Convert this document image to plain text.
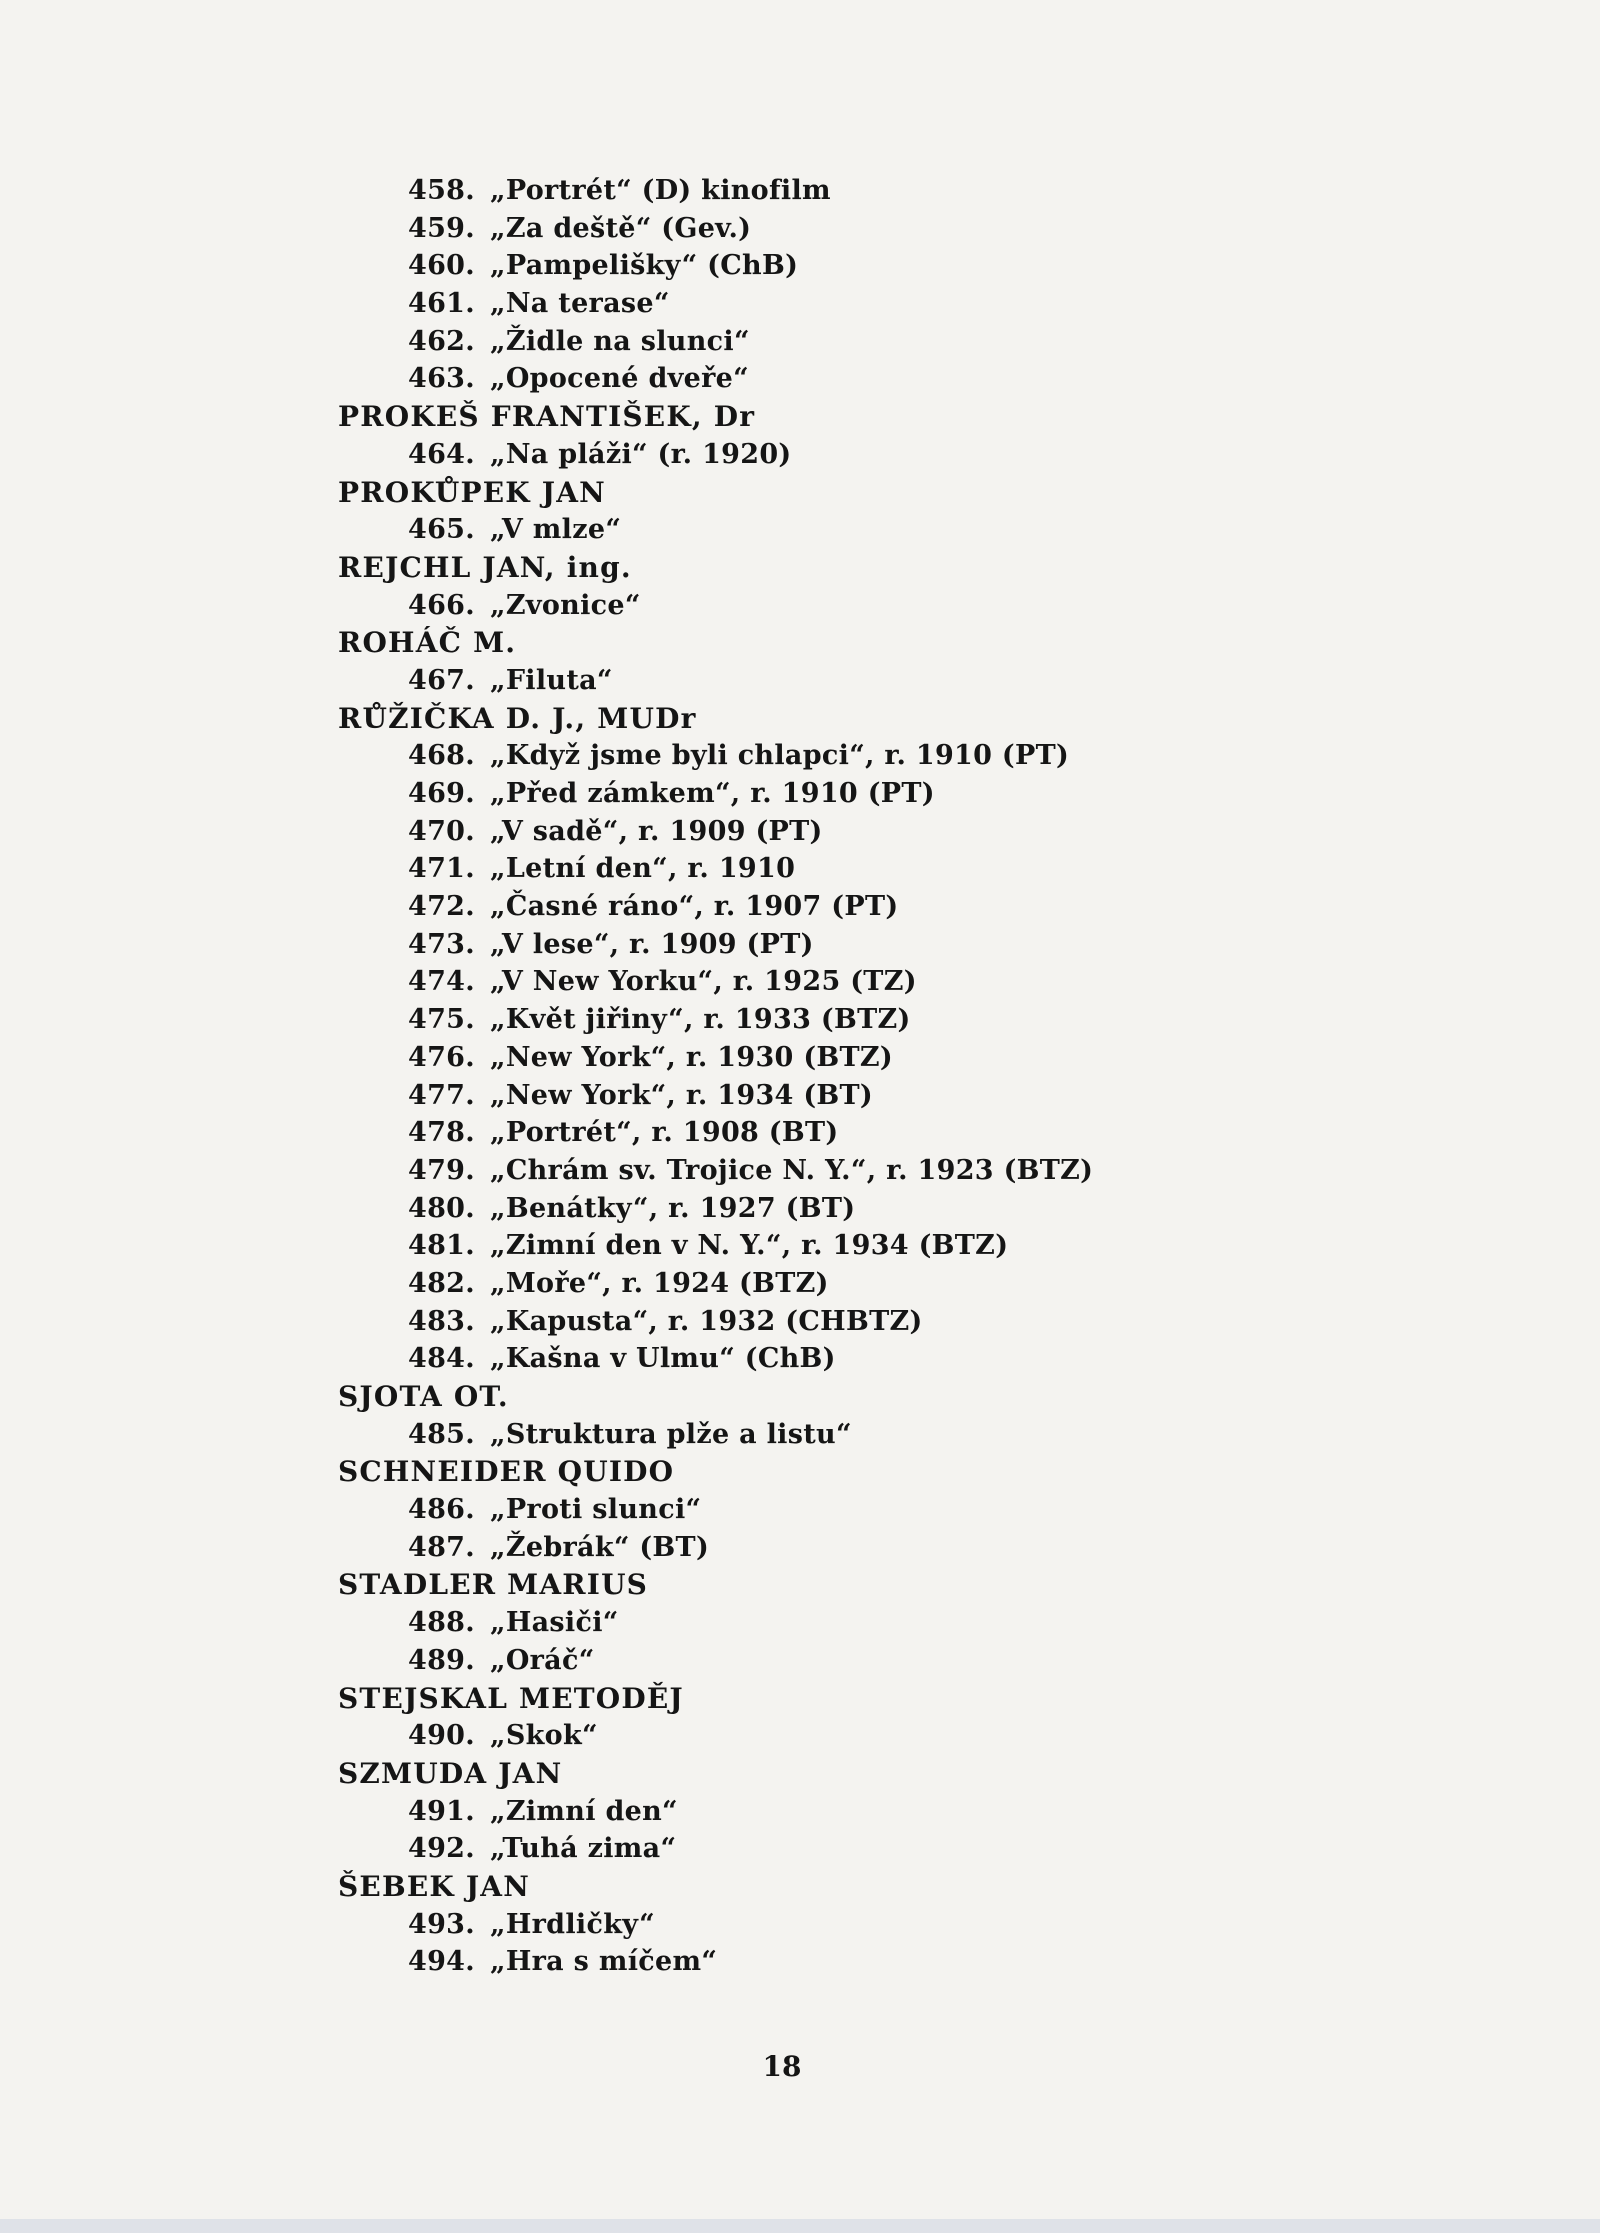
458. „Portrét“ (D) kinofilm
459. „Za deště“ (Gev.)
460. „Pampelišky“ (ChB)
461. „Na terase“
462. „Židle na slunci“
463. „Opocené dveře“
PROKEŠ FRANTIŠEK, Dr
464. „Na pláži“ (r. 1920)
PROKŮPEK JAN
465. „V mlze“
REJCHL JAN, ing.
466. „Zvonice“
ROHÁČ M.
467. „Filuta“
RŮŽIČKA D. J., MUDr
468. „Když jsme byli chlapci“, r. 1910 (PT)
469. „Před zámkem“, r. 1910 (PT)
470. „V sadě“, r. 1909 (PT)
471. „Letní den“, r. 1910
472. „Časné ráno“, r. 1907 (PT)
473. „V lese“, r. 1909 (PT)
474. „V New Yorku“, r. 1925 (TZ)
475. „Květ jiřiny“, r. 1933 (BTZ)
476. „New York“, r. 1930 (BTZ)
477. „New York“, r. 1934 (BT)
478. „Portrét“, r. 1908 (BT)
479. „Chrám sv. Trojice N. Y.“, r. 1923 (BTZ)
480. „Benátky“, r. 1927 (BT)
481. „Zimní den v N. Y.“, r. 1934 (BTZ)
482. „Moře“, r. 1924 (BTZ)
483. „Kapusta“, r. 1932 (CHBTZ)
484. „Kašna v Ulmu“ (ChB)
SJOTA OT.
485. „Struktura plže a listu“
SCHNEIDER QUIDO
486. „Proti slunci“
487. „Žebrák“ (BT)
STADLER MARIUS
488. „Hasiči“
489. „Oráč“
STEJSKAL METODĚJ
490. „Skok“
SZMUDA JAN
491. „Zimní den“
492. „Tuhá zima“
ŠEBEK JAN
493. „Hrdličky“
494. „Hra s míčem“
18
